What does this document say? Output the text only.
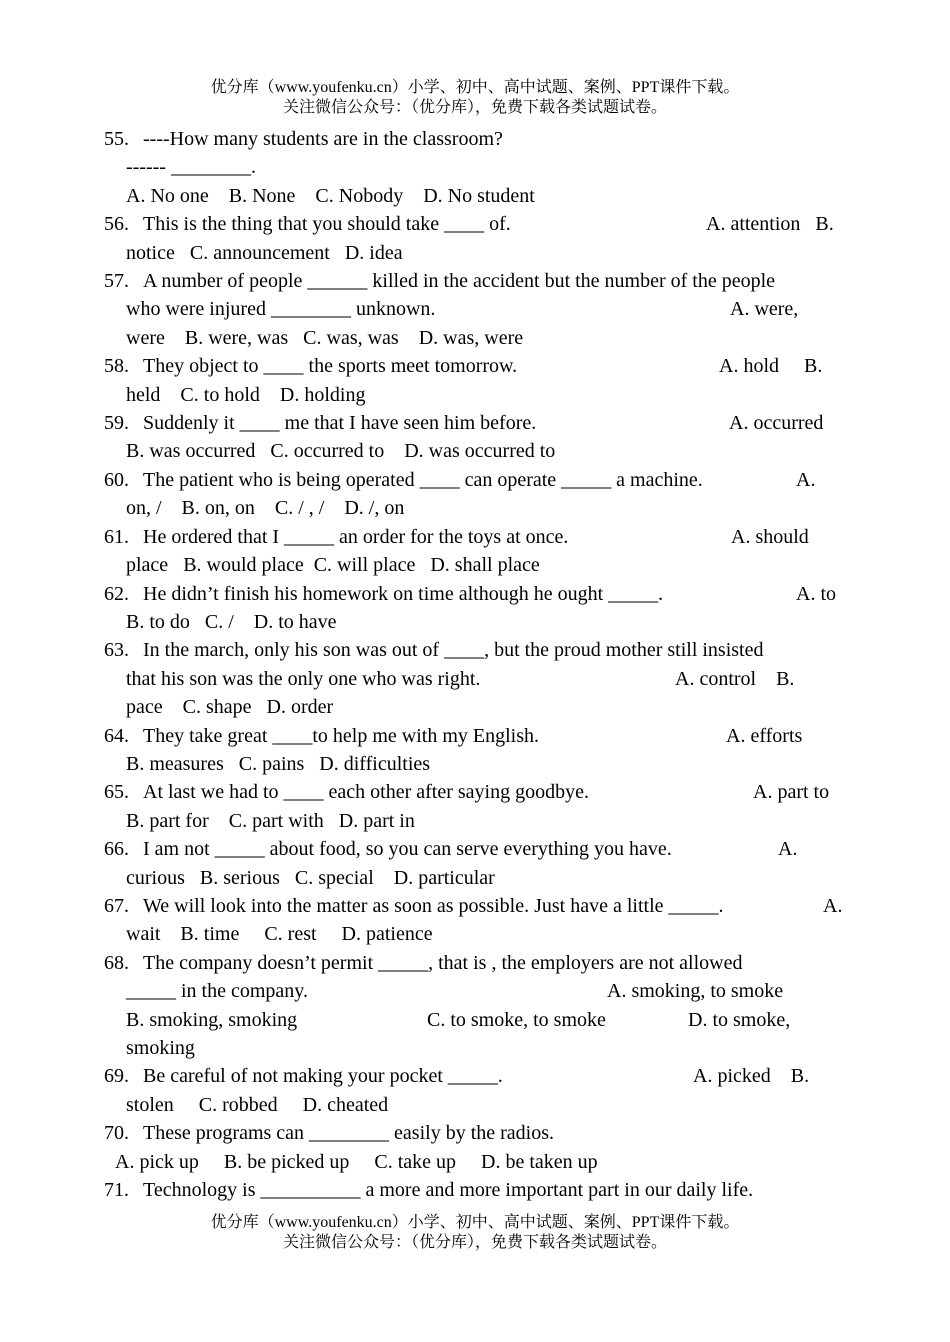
优分库（www.youfenku.cn）小学、初中、高中试题、案例、PPT课件下载。
关注微信公众号：（优分库），免费下载各类试题试卷。
55. ----How many students are in the classroom?
------ ________.
A. No one    B. None    C. Nobody    D. No student
56. This is the thing that you should take ____ of.	A. attention   B.
notice   C. announcement   D. idea
57. A number of people ______ killed in the accident but the number of the people
who were injured ________ unknown.	A. were,
were    B. were, was   C. was, was    D. was, were
58. They object to ____ the sports meet tomorrow.	A. hold     B.
held    C. to hold    D. holding
59. Suddenly it ____ me that I have seen him before.	A. occurred
B. was occurred   C. occurred to    D. was occurred to
60. The patient who is being operated ____ can operate _____ a machine.	A.
on, /    B. on, on    C. / , /    D. /, on
61. He ordered that I _____ an order for the toys at once.	A. should
place   B. would place  C. will place   D. shall place
62. He didn’t finish his homework on time although he ought _____.	A. to
B. to do   C. /    D. to have
63. In the march, only his son was out of ____, but the proud mother still insisted
that his son was the only one who was right.	A. control    B.
pace    C. shape   D. order
64. They take great ____to help me with my English.	A. efforts
B. measures   C. pains   D. difficulties
65. At last we had to ____ each other after saying goodbye.	A. part to
B. part for    C. part with   D. part in
66. I am not _____ about food, so you can serve everything you have.	A.
curious   B. serious   C. special    D. particular
67. We will look into the matter as soon as possible. Just have a little _____.	A.
wait    B. time     C. rest     D. patience
68. The company doesn’t permit _____, that is , the employers are not allowed
_____ in the company.	A. smoking, to smoke
B. smoking, smoking	C. to smoke, to smoke	D. to smoke,
smoking
69. Be careful of not making your pocket _____.	A. picked    B.
stolen     C. robbed     D. cheated
70. These programs can ________ easily by the radios.
A. pick up     B. be picked up     C. take up     D. be taken up
71. Technology is __________ a more and more important part in our daily life.
优分库（www.youfenku.cn）小学、初中、高中试题、案例、PPT课件下载。
关注微信公众号：（优分库），免费下载各类试题试卷。
